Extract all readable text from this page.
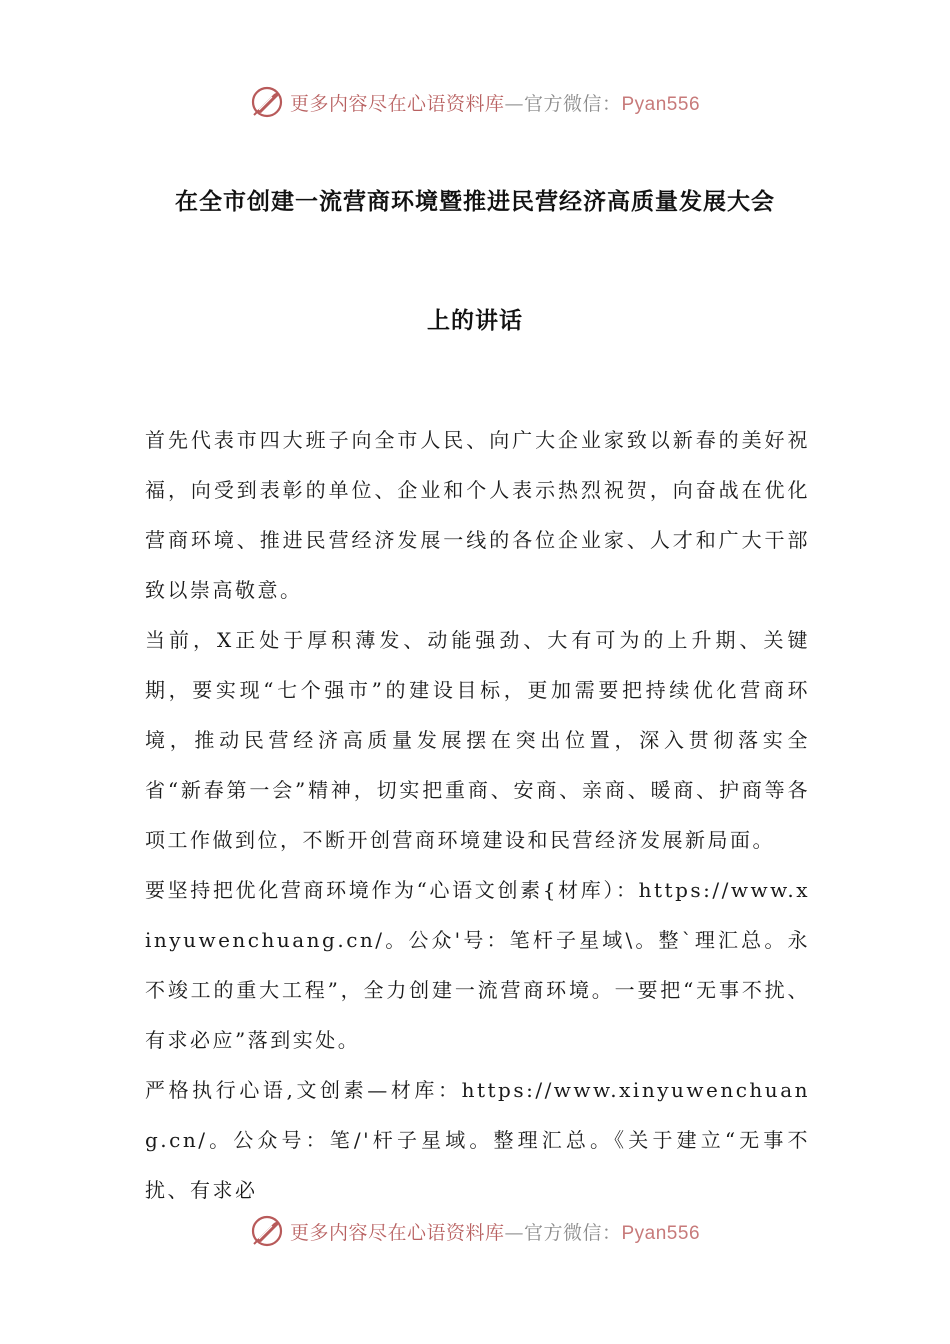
更多内容尽在心语资料库—官方微信：Pyan556
在全市创建一流营商环境暨推进民营经济高质量发展大会
上的讲话

首先代表市四大班子向全市人民、向广大企业家致以新春的美好祝福，向受到表彰的单位、企业和个人表示热烈祝贺，向奋战在优化营商环境、推进民营经济发展一线的各位企业家、人才和广大干部致以崇高敬意。

当前，X正处于厚积薄发、动能强劲、大有可为的上升期、关键期，要实现“七个强市”的建设目标，更加需要把持续优化营商环境，推动民营经济高质量发展摆在突出位置，深入贯彻落实全省“新春第一会”精神，切实把重商、安商、亲商、暖商、护商等各项工作做到位，不断开创营商环境建设和民营经济发展新局面。

要坚持把优化营商环境作为“心语文创素{材库）：https://www.xinyuwenchuang.cn/。公众'号：笔杆子星域\。整`理汇总。永不竣工的重大工程”，全力创建一流营商环境。一要把“无事不扰、有求必应”落到实处。

严格执行心语,文创素—材库：https://www.xinyuwenchuang.cn/。公众号：笔/'杆子星域。整理汇总。《关于建立“无事不扰、有求必

更多内容尽在心语资料库—官方微信：Pyan556
